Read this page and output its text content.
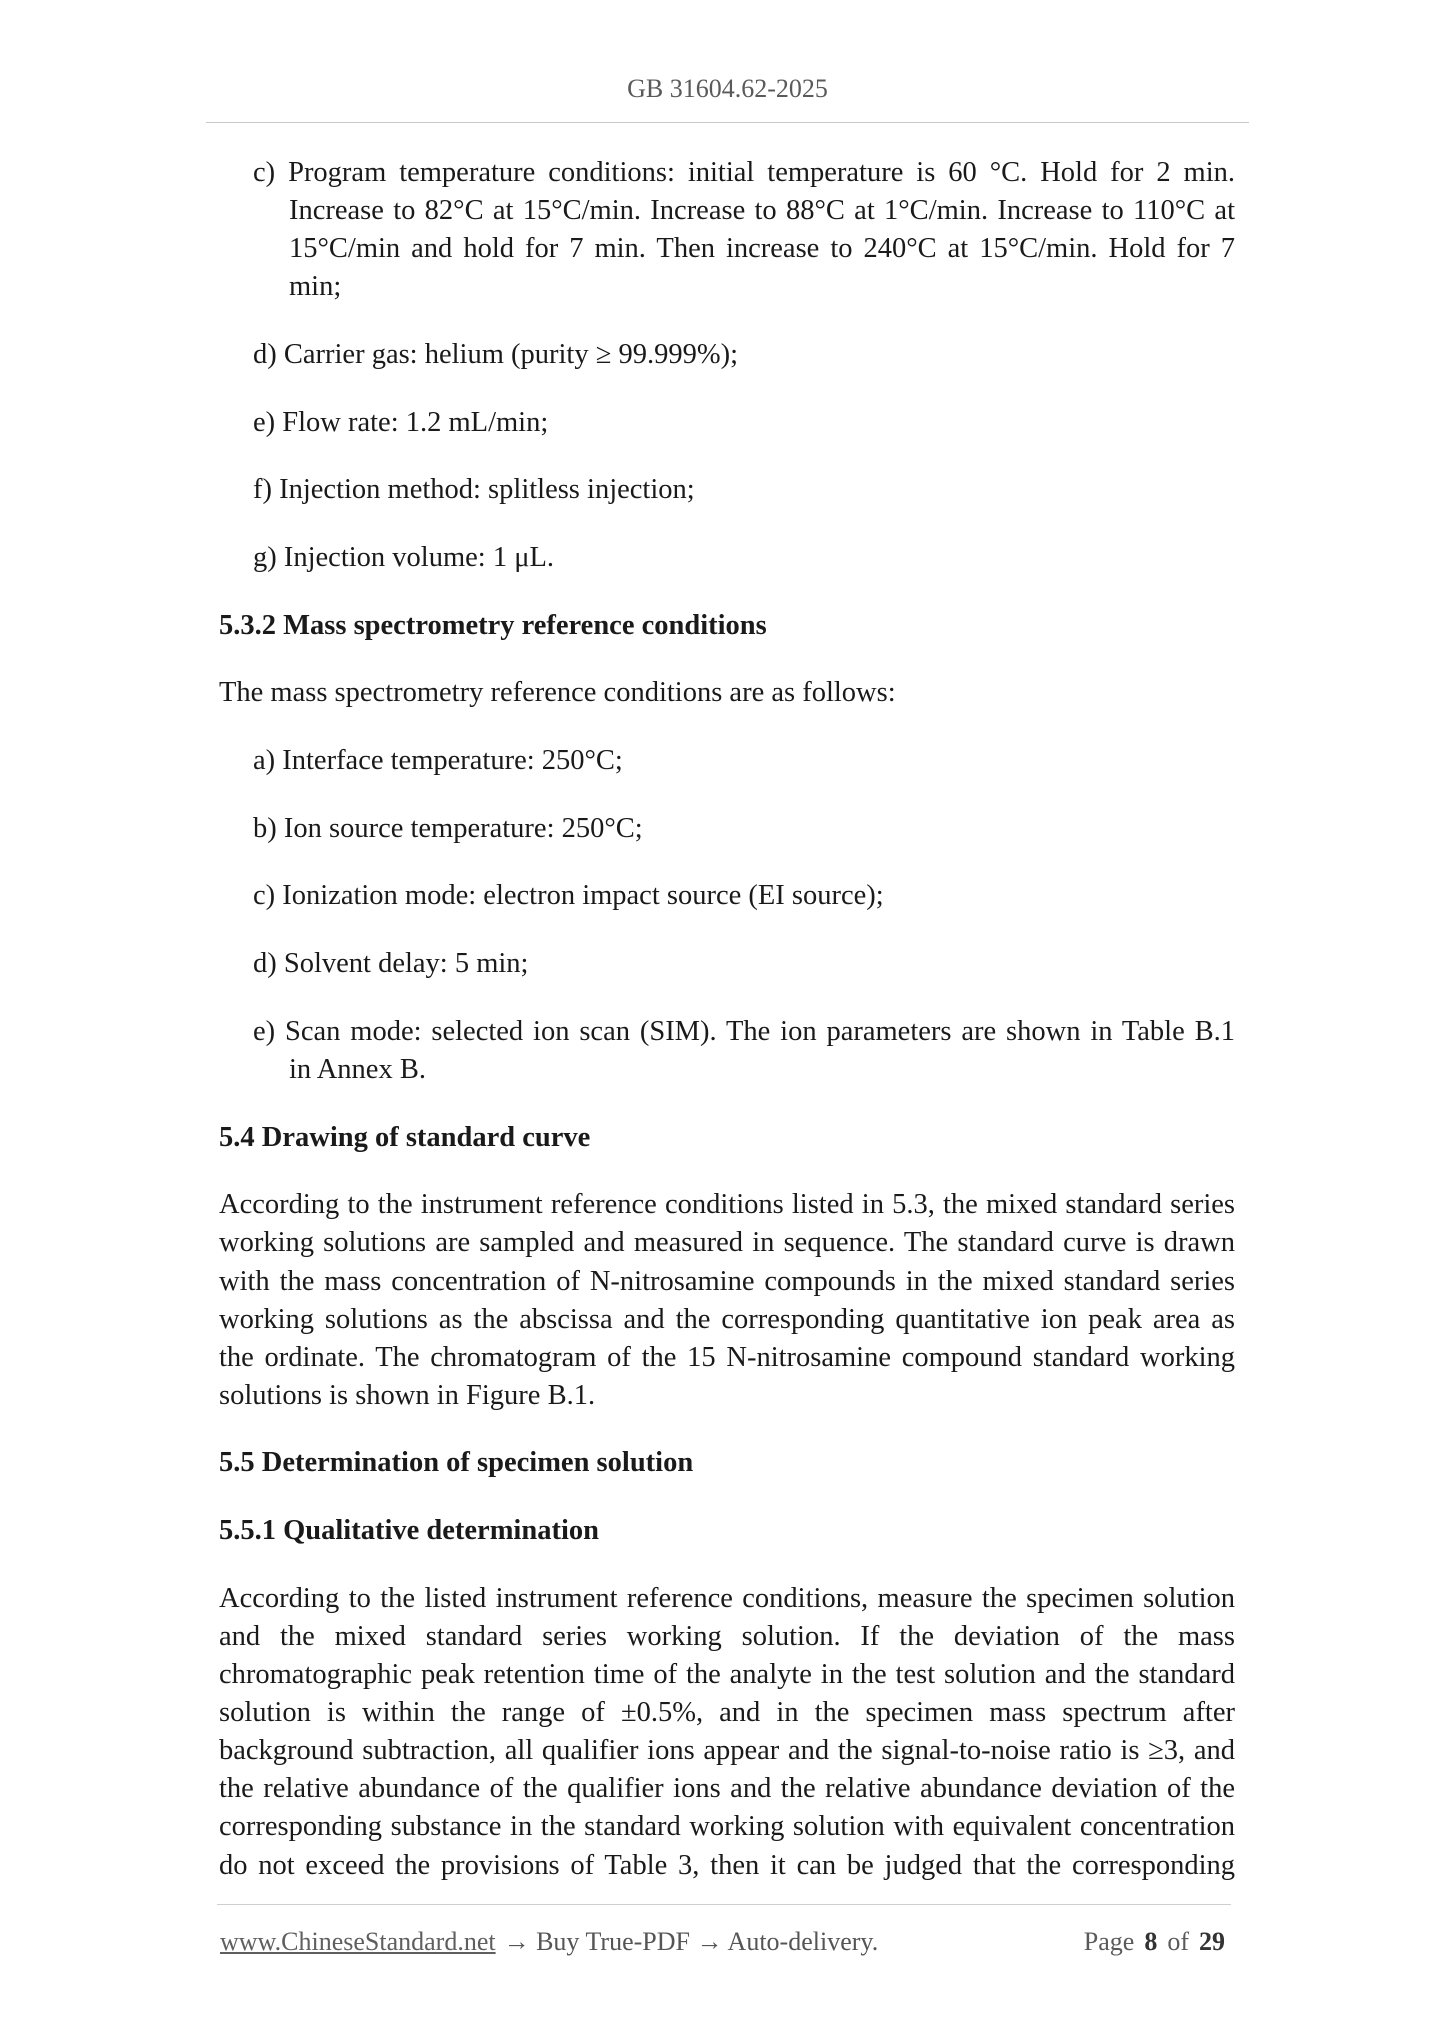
GB 31604.62-2025
c) Program temperature conditions: initial temperature is 60 °C. Hold for 2 min.
Increase to 82°C at 15°C/min. Increase to 88°C at 1°C/min. Increase to 110°C at
15°C/min and hold for 7 min. Then increase to 240°C at 15°C/min. Hold for 7
min;
d) Carrier gas: helium (purity ≥ 99.999%);
e) Flow rate: 1.2 mL/min;
f) Injection method: splitless injection;
g) Injection volume: 1 μL.
5.3.2 Mass spectrometry reference conditions
The mass spectrometry reference conditions are as follows:
a) Interface temperature: 250°C;
b) Ion source temperature: 250°C;
c) Ionization mode: electron impact source (EI source);
d) Solvent delay: 5 min;
e) Scan mode: selected ion scan (SIM). The ion parameters are shown in Table B.1
in Annex B.
5.4 Drawing of standard curve
According to the instrument reference conditions listed in 5.3, the mixed standard series
working solutions are sampled and measured in sequence. The standard curve is drawn
with the mass concentration of N-nitrosamine compounds in the mixed standard series
working solutions as the abscissa and the corresponding quantitative ion peak area as
the ordinate. The chromatogram of the 15 N-nitrosamine compound standard working
solutions is shown in Figure B.1.
5.5 Determination of specimen solution
5.5.1 Qualitative determination
According to the listed instrument reference conditions, measure the specimen solution
and the mixed standard series working solution. If the deviation of the mass
chromatographic peak retention time of the analyte in the test solution and the standard
solution is within the range of ±0.5%, and in the specimen mass spectrum after
background subtraction, all qualifier ions appear and the signal-to-noise ratio is ≥3, and
the relative abundance of the qualifier ions and the relative abundance deviation of the
corresponding substance in the standard working solution with equivalent concentration
do not exceed the provisions of Table 3, then it can be judged that the corresponding
www.ChineseStandard.net → Buy True-PDF → Auto-delivery.	Page 8 of 29
